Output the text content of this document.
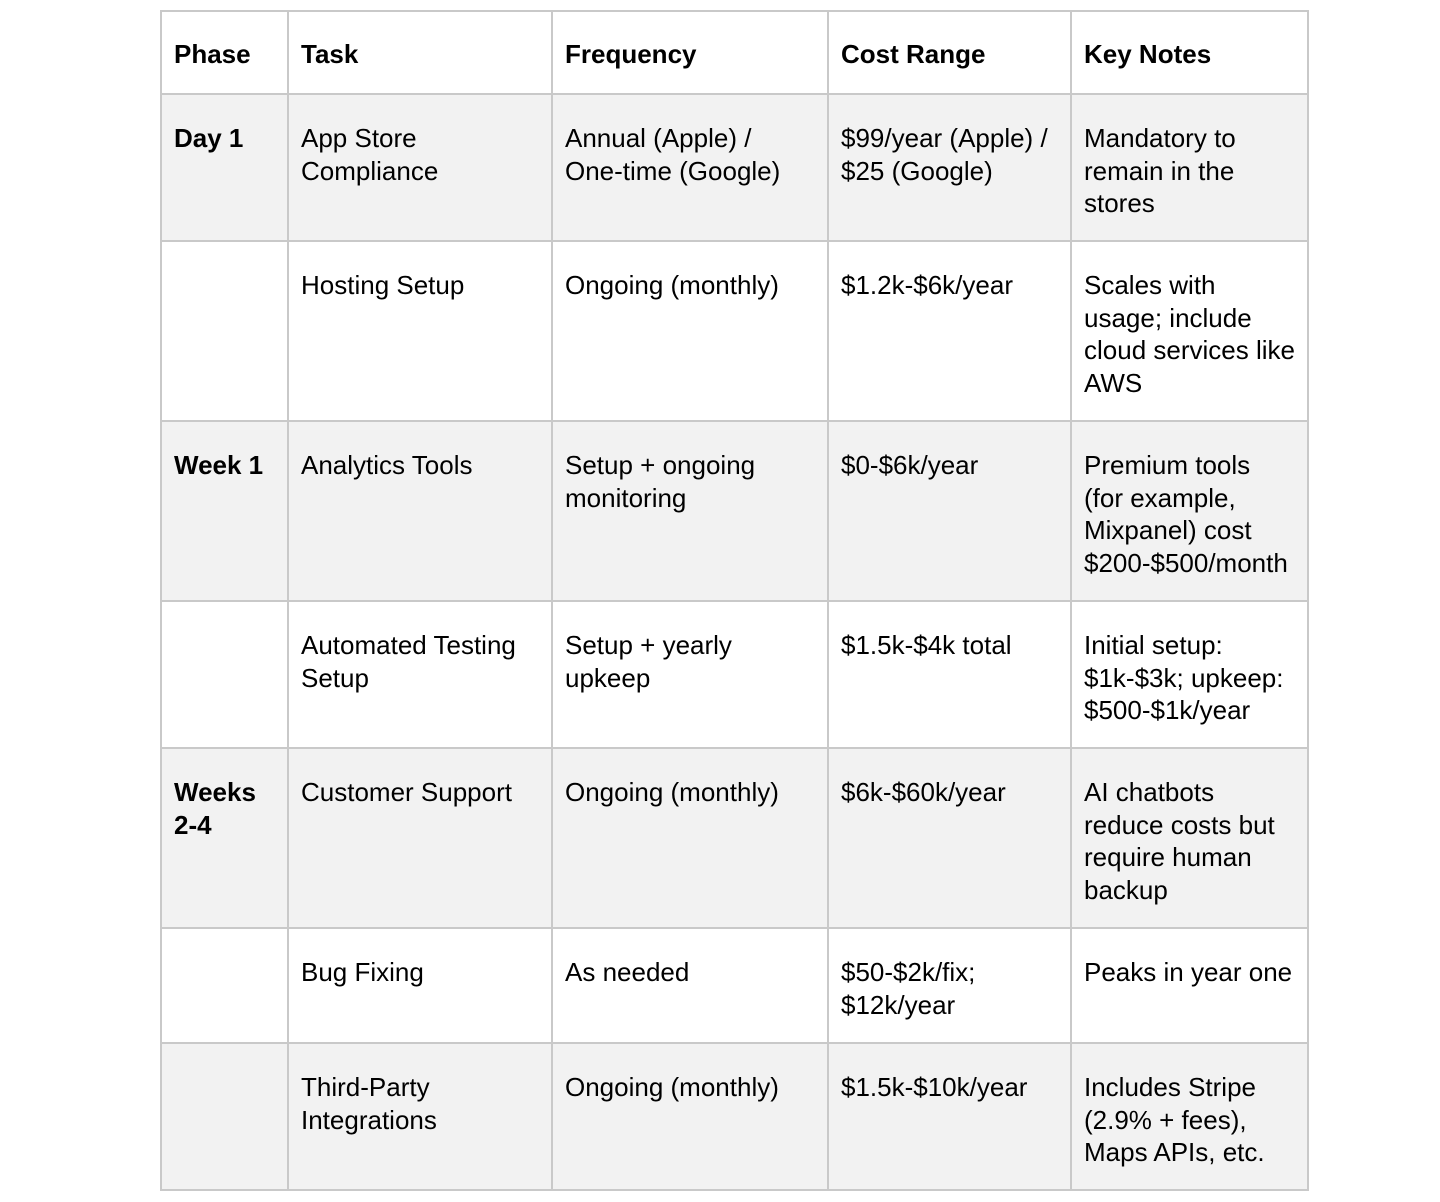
Phase	Task	Frequency	Cost Range	Key Notes
Day 1	App Store Compliance	Annual (Apple) / One-time (Google)	$99/year (Apple) / $25 (Google)	Mandatory to remain in the stores
	Hosting Setup	Ongoing (monthly)	$1.2k-$6k/year	Scales with usage; include cloud services like AWS
Week 1	Analytics Tools	Setup + ongoing monitoring	$0-$6k/year	Premium tools (for example, Mixpanel) cost $200-$500/month
	Automated Testing Setup	Setup + yearly upkeep	$1.5k-$4k total	Initial setup: $1k-$3k; upkeep: $500-$1k/year
Weeks 2-4	Customer Support	Ongoing (monthly)	$6k-$60k/year	AI chatbots reduce costs but require human backup
	Bug Fixing	As needed	$50-$2k/fix; $12k/year	Peaks in year one
	Third-Party Integrations	Ongoing (monthly)	$1.5k-$10k/year	Includes Stripe (2.9% + fees), Maps APIs, etc.
